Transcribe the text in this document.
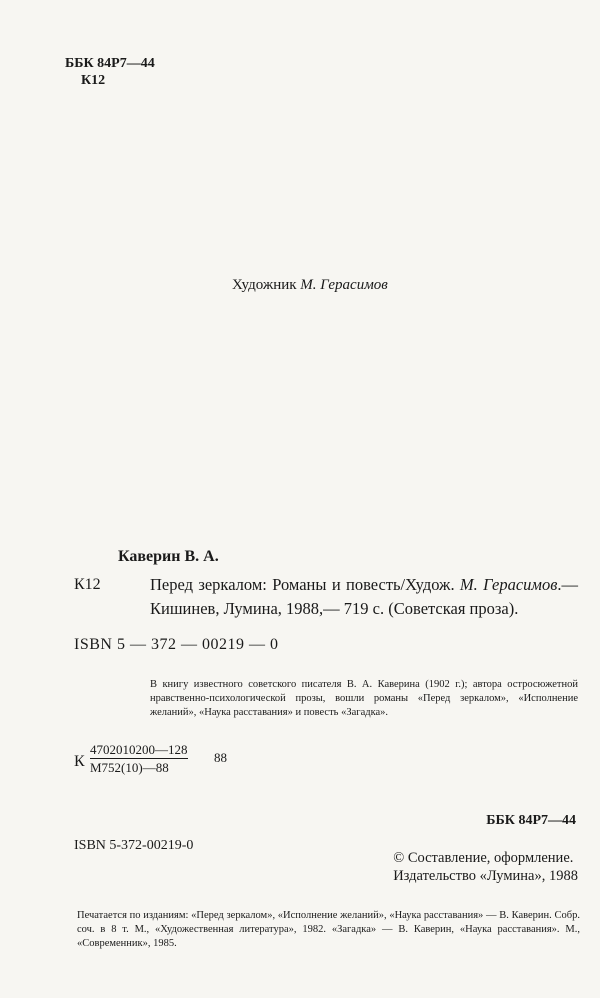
ББК 84Р7—44
К12
Художник М. Герасимов
Каверин В. А.
К12	Перед зеркалом: Романы и повесть/Худож. М. Герасимов.— Кишинев, Лумина, 1988,— 719 с. (Советская проза).
ISBN 5 — 372 — 00219 — 0
В книгу известного советского писателя В. А. Каверина (1902 г.); автора остросюжетной нравственно-психологической прозы, вошли романы «Перед зеркалом», «Исполнение желаний», «Наука расставания» и повесть «Загадка».
К
4702010200—128
М752(10)—88
88
ББК 84Р7—44
ISBN 5-372-00219-0
© Составление, оформление.
Издательство «Лумина», 1988
Печатается по изданиям: «Перед зеркалом», «Исполнение желаний», «Наука расставания» — В. Каверин. Собр. соч. в 8 т. М., «Художественная литература», 1982. «Загадка» — В. Каверин, «Наука расставания». М., «Современник», 1985.
